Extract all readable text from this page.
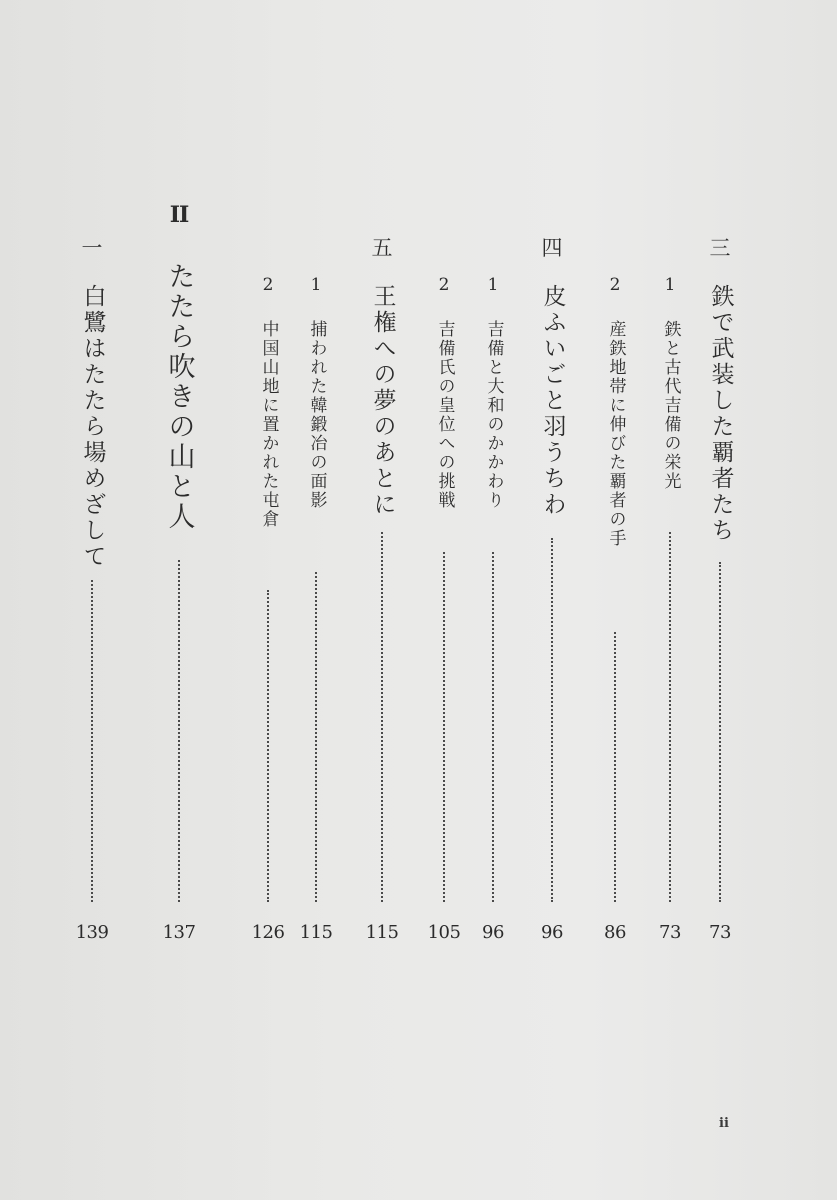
三
鉄で武装した覇者たち
73
1
鉄と古代吉備の栄光
73
2
産鉄地帯に伸びた覇者の手
86
四
皮ふいごと羽うちわ
96
1
吉備と大和のかかわり
96
2
吉備氏の皇位への挑戦
105
五
王権への夢のあとに
115
1
捕われた韓鍛冶の面影
115
2
中国山地に置かれた屯倉
126
II
たたら吹きの山と人
137
一
白鷺はたたら場めざして
139
ii
